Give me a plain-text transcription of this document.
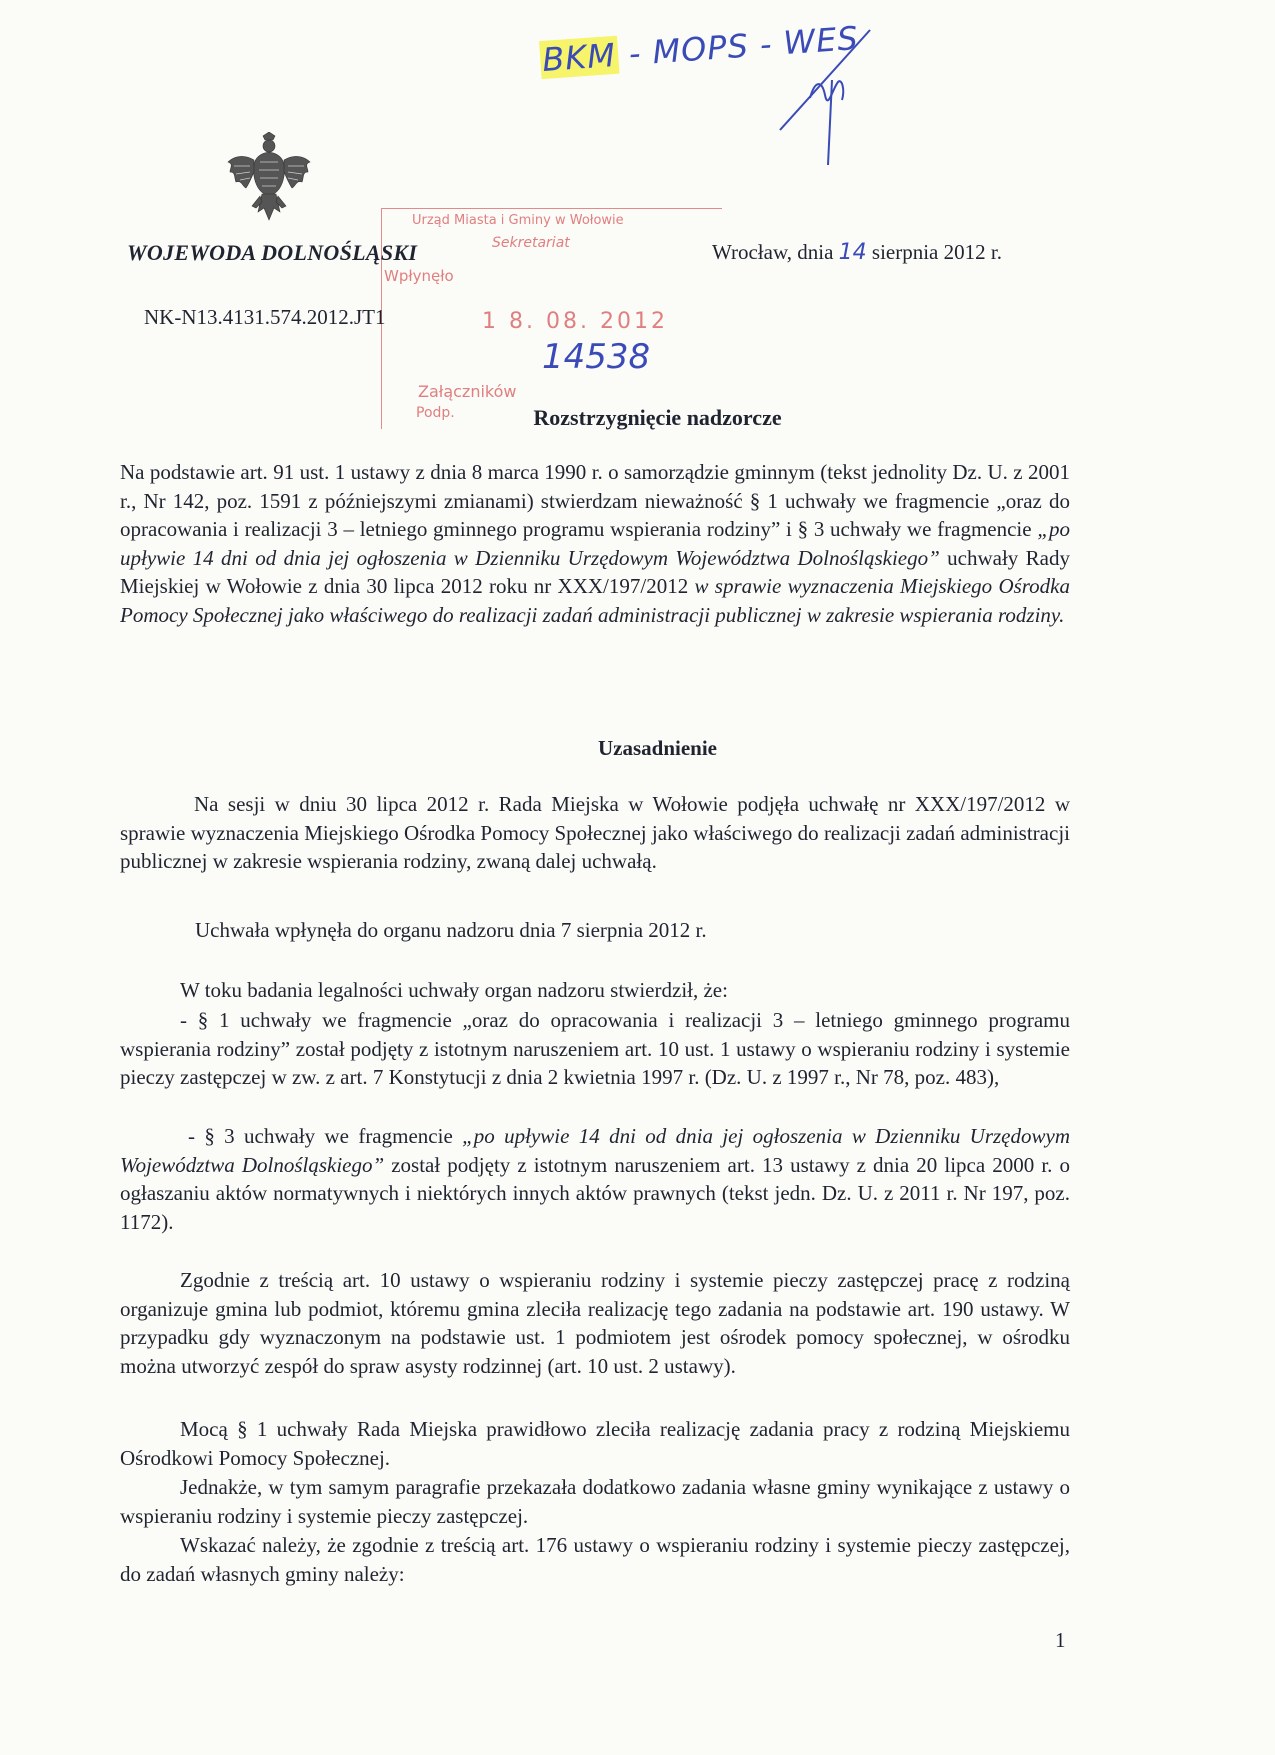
BKM - MOPS - WES
Urząd Miasta i Gminy w Wołowie
Sekretariat
Wpłynęło
1 8. 08. 2012
Załączników
Podp.
14538
WOJEWODA DOLNOŚLĄSKI	Wrocław, dnia 14 sierpnia 2012 r.
NK-N13.4131.574.2012.JT1
Rozstrzygnięcie nadzorcze
Na podstawie art. 91 ust. 1 ustawy z dnia 8 marca 1990 r. o samorządzie gminnym (tekst jednolity Dz. U. z 2001 r., Nr 142, poz. 1591 z późniejszymi zmianami) stwierdzam nieważność § 1 uchwały we fragmencie „oraz do opracowania i realizacji 3 – letniego gminnego programu wspierania rodziny” i § 3 uchwały we fragmencie „po upływie 14 dni od dnia jej ogłoszenia w Dzienniku Urzędowym Województwa Dolnośląskiego” uchwały Rady Miejskiej w Wołowie z dnia 30 lipca 2012 roku nr XXX/197/2012 w sprawie wyznaczenia Miejskiego Ośrodka Pomocy Społecznej jako właściwego do realizacji zadań administracji publicznej w zakresie wspierania rodziny.
Uzasadnienie
Na sesji w dniu 30 lipca 2012 r. Rada Miejska w Wołowie podjęła uchwałę nr XXX/197/2012 w sprawie wyznaczenia Miejskiego Ośrodka Pomocy Społecznej jako właściwego do realizacji zadań administracji publicznej w zakresie wspierania rodziny, zwaną dalej uchwałą.
Uchwała wpłynęła do organu nadzoru dnia 7 sierpnia 2012 r.
W toku badania legalności uchwały organ nadzoru stwierdził, że:
- § 1 uchwały we fragmencie „oraz do opracowania i realizacji 3 – letniego gminnego programu wspierania rodziny” został podjęty z istotnym naruszeniem art. 10 ust. 1 ustawy o wspieraniu rodziny i systemie pieczy zastępczej w zw. z art. 7 Konstytucji z dnia 2 kwietnia 1997 r. (Dz. U. z 1997 r., Nr 78, poz. 483),
- § 3 uchwały we fragmencie „po upływie 14 dni od dnia jej ogłoszenia w Dzienniku Urzędowym Województwa Dolnośląskiego” został podjęty z istotnym naruszeniem art. 13 ustawy z dnia 20 lipca 2000 r. o ogłaszaniu aktów normatywnych i niektórych innych aktów prawnych (tekst jedn. Dz. U. z 2011 r. Nr 197, poz. 1172).
Zgodnie z treścią art. 10 ustawy o wspieraniu rodziny i systemie pieczy zastępczej pracę z rodziną organizuje gmina lub podmiot, któremu gmina zleciła realizację tego zadania na podstawie art. 190 ustawy. W przypadku gdy wyznaczonym na podstawie ust. 1 podmiotem jest ośrodek pomocy społecznej, w ośrodku można utworzyć zespół do spraw asysty rodzinnej (art. 10 ust. 2 ustawy).
Mocą § 1 uchwały Rada Miejska prawidłowo zleciła realizację zadania pracy z rodziną Miejskiemu Ośrodkowi Pomocy Społecznej.
Jednakże, w tym samym paragrafie przekazała dodatkowo zadania własne gminy wynikające z ustawy o wspieraniu rodziny i systemie pieczy zastępczej.
Wskazać należy, że zgodnie z treścią art. 176 ustawy o wspieraniu rodziny i systemie pieczy zastępczej, do zadań własnych gminy należy:
1
